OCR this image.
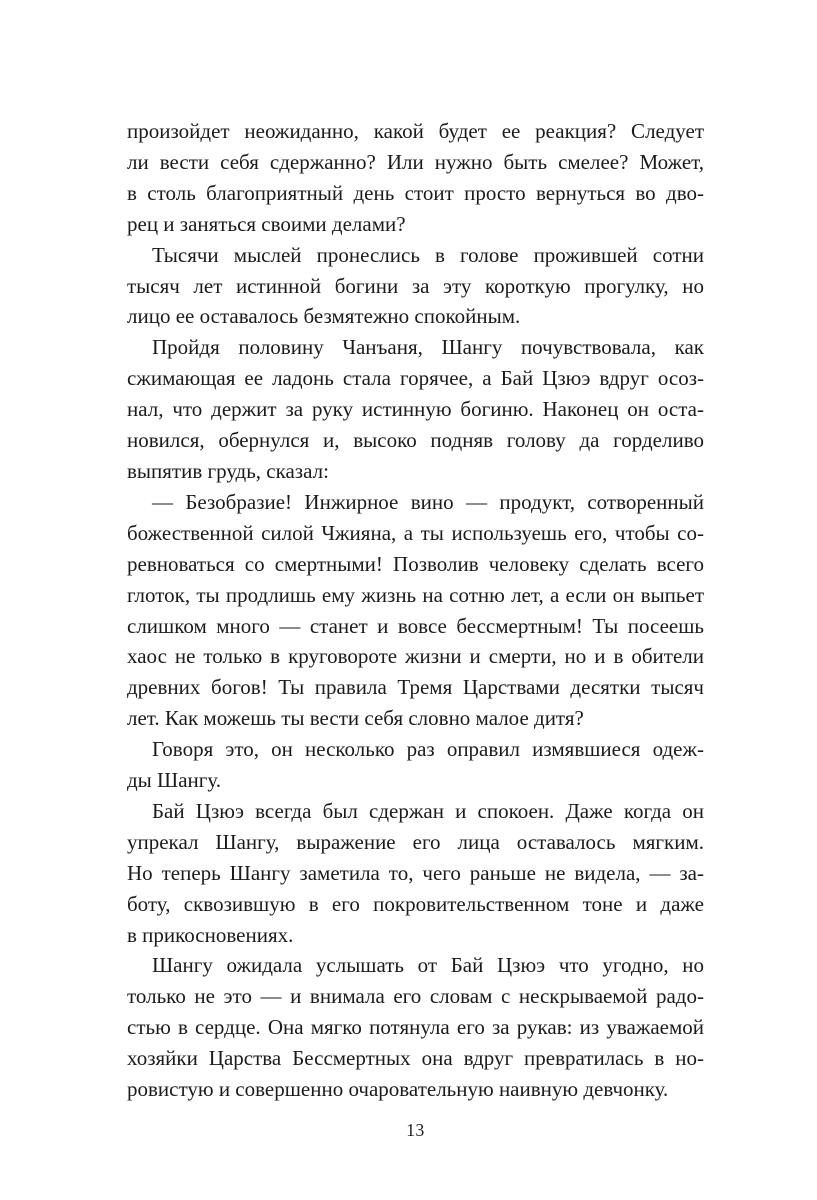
произойдет неожиданно, какой будет ее реакция? Следует
ли вести себя сдержанно? Или нужно быть смелее? Может,
в столь благоприятный день стоит просто вернуться во дво-
рец и заняться своими делами?
Тысячи мыслей пронеслись в голове прожившей сотни
тысяч лет истинной богини за эту короткую прогулку, но
лицо ее оставалось безмятежно спокойным.
Пройдя половину Чанъаня, Шангу почувствовала, как
сжимающая ее ладонь стала горячее, а Бай Цзюэ вдруг осоз-
нал, что держит за руку истинную богиню. Наконец он оста-
новился, обернулся и, высоко подняв голову да горделиво
выпятив грудь, сказал:
— Безобразие! Инжирное вино — продукт, сотворенный
божественной силой Чжияна, а ты используешь его, чтобы со-
ревноваться со смертными! Позволив человеку сделать всего
глоток, ты продлишь ему жизнь на сотню лет, а если он выпьет
слишком много — станет и вовсе бессмертным! Ты посеешь
хаос не только в круговороте жизни и смерти, но и в обители
древних богов! Ты правила Тремя Царствами десятки тысяч
лет. Как можешь ты вести себя словно малое дитя?
Говоря это, он несколько раз оправил измявшиеся одеж-
ды Шангу.
Бай Цзюэ всегда был сдержан и спокоен. Даже когда он
упрекал Шангу, выражение его лица оставалось мягким.
Но теперь Шангу заметила то, чего раньше не видела, — за-
боту, сквозившую в его покровительственном тоне и даже
в прикосновениях.
Шангу ожидала услышать от Бай Цзюэ что угодно, но
только не это — и внимала его словам с нескрываемой радо-
стью в сердце. Она мягко потянула его за рукав: из уважаемой
хозяйки Царства Бессмертных она вдруг превратилась в но-
ровистую и совершенно очаровательную наивную девчонку.
13
